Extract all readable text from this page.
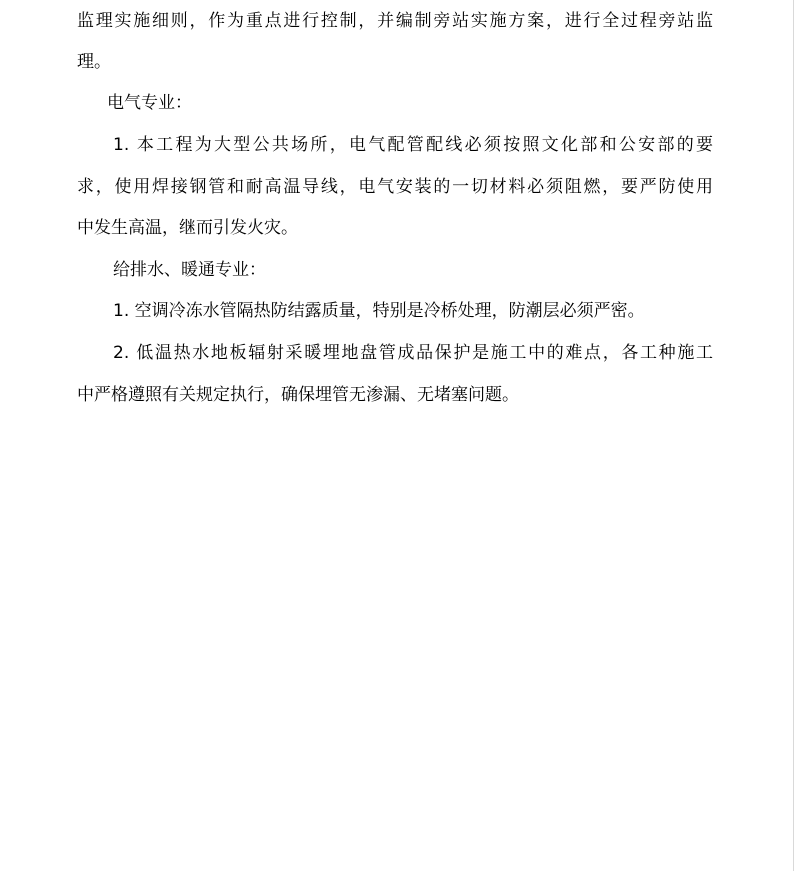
监理实施细则，作为重点进行控制，并编制旁站实施方案，进行全过程旁站监
理。
电气专业：
1. 本工程为大型公共场所，电气配管配线必须按照文化部和公安部的要
求，使用焊接钢管和耐高温导线，电气安装的一切材料必须阻燃，要严防使用
中发生高温，继而引发火灾。
给排水、暖通专业：
1. 空调冷冻水管隔热防结露质量，特别是冷桥处理，防潮层必须严密。
2. 低温热水地板辐射采暖埋地盘管成品保护是施工中的难点，各工种施工
中严格遵照有关规定执行，确保埋管无渗漏、无堵塞问题。
